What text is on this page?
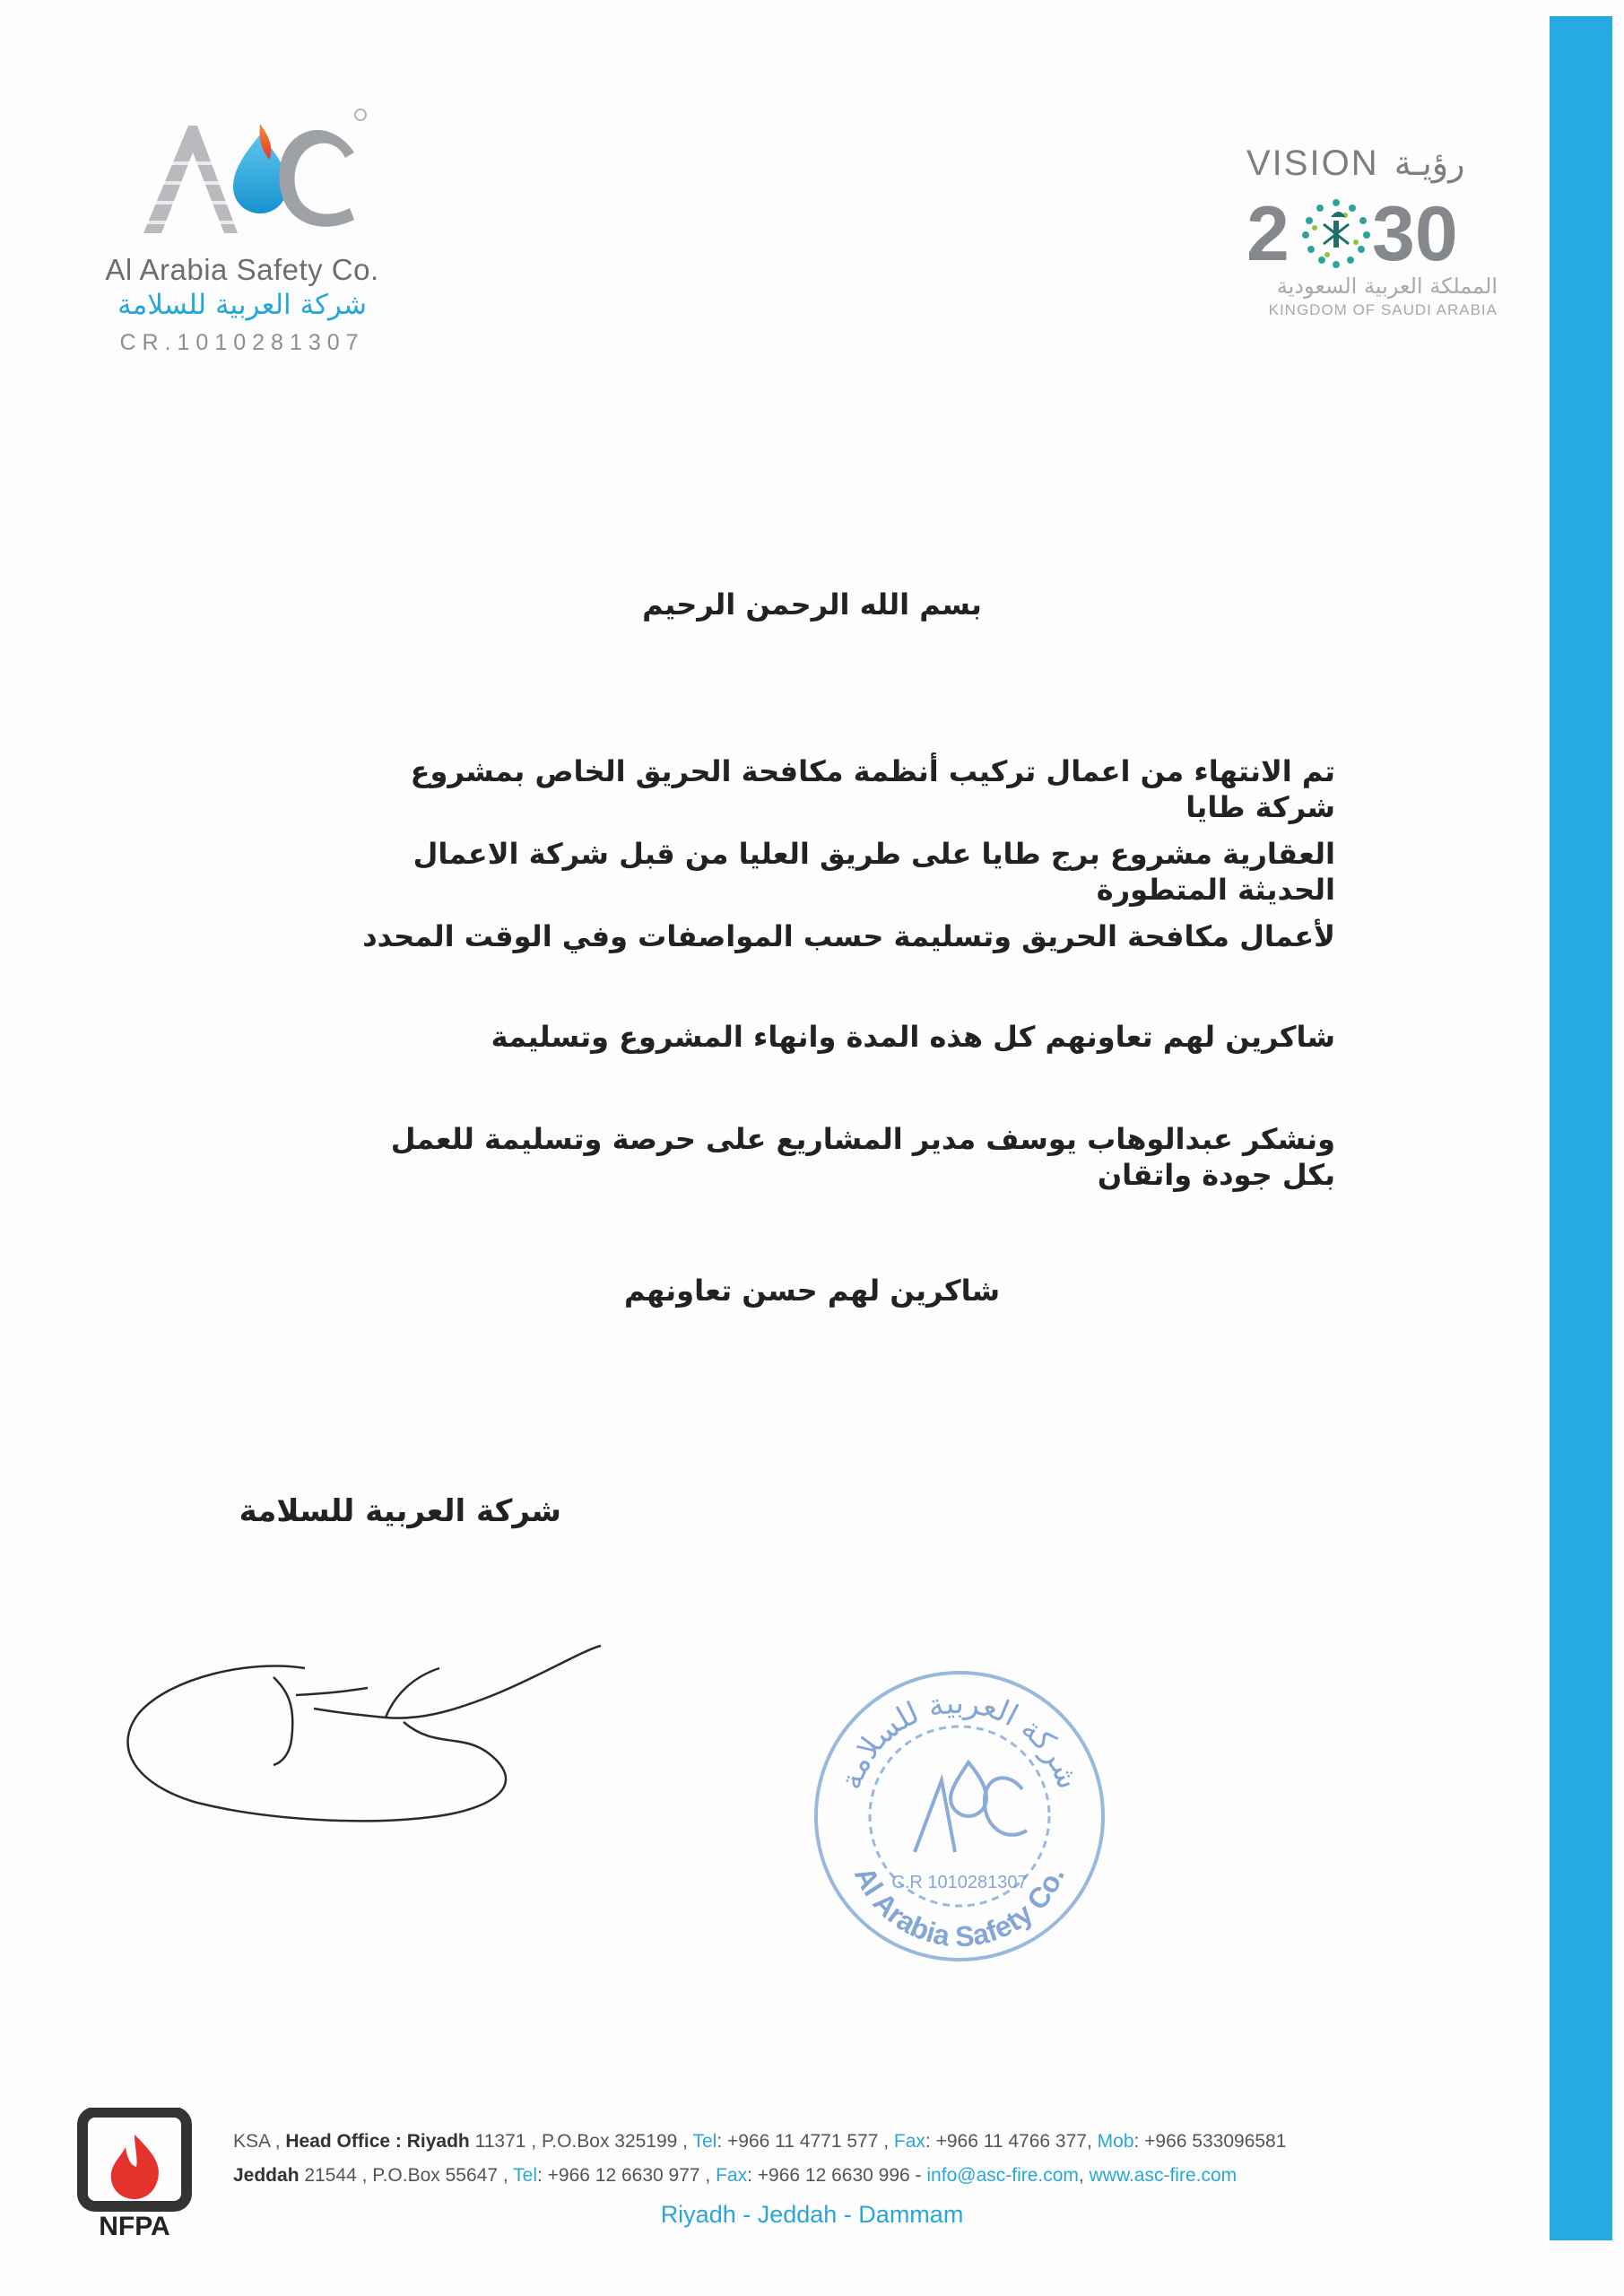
Al Arabia Safety Co.
شركة العربية للسلامة
CR.1010281307
VISION رؤيـة
2 30
المملكة العربية السعودية
KINGDOM OF SAUDI ARABIA
بسم الله الرحمن الرحيم
تم الانتهاء من اعمال تركيب أنظمة مكافحة الحريق الخاص بمشروع شركة طايا
العقارية مشروع برج طايا على طريق العليا من قبل شركة الاعمال الحديثة المتطورة
لأعمال مكافحة الحريق وتسليمة حسب المواصفات وفي الوقت المحدد
شاكرين لهم تعاونهم كل هذه المدة وانهاء المشروع وتسليمة
ونشكر عبدالوهاب يوسف مدير المشاريع على حرصة وتسليمة للعمل بكل جودة واتقان
شاكرين لهم حسن تعاونهم
شركة العربية للسلامة
شركة العربية للسلامة
Al Arabia Safety Co.
C.R 1010281307
NFPA
KSA , Head Office : Riyadh 11371 , P.O.Box 325199 , Tel: +966 11 4771 577 , Fax: +966 11 4766 377, Mob: +966 533096581
Jeddah 21544 , P.O.Box 55647 , Tel: +966 12 6630 977 , Fax: +966 12 6630 996 - info@asc-fire.com, www.asc-fire.com
Riyadh - Jeddah - Dammam
